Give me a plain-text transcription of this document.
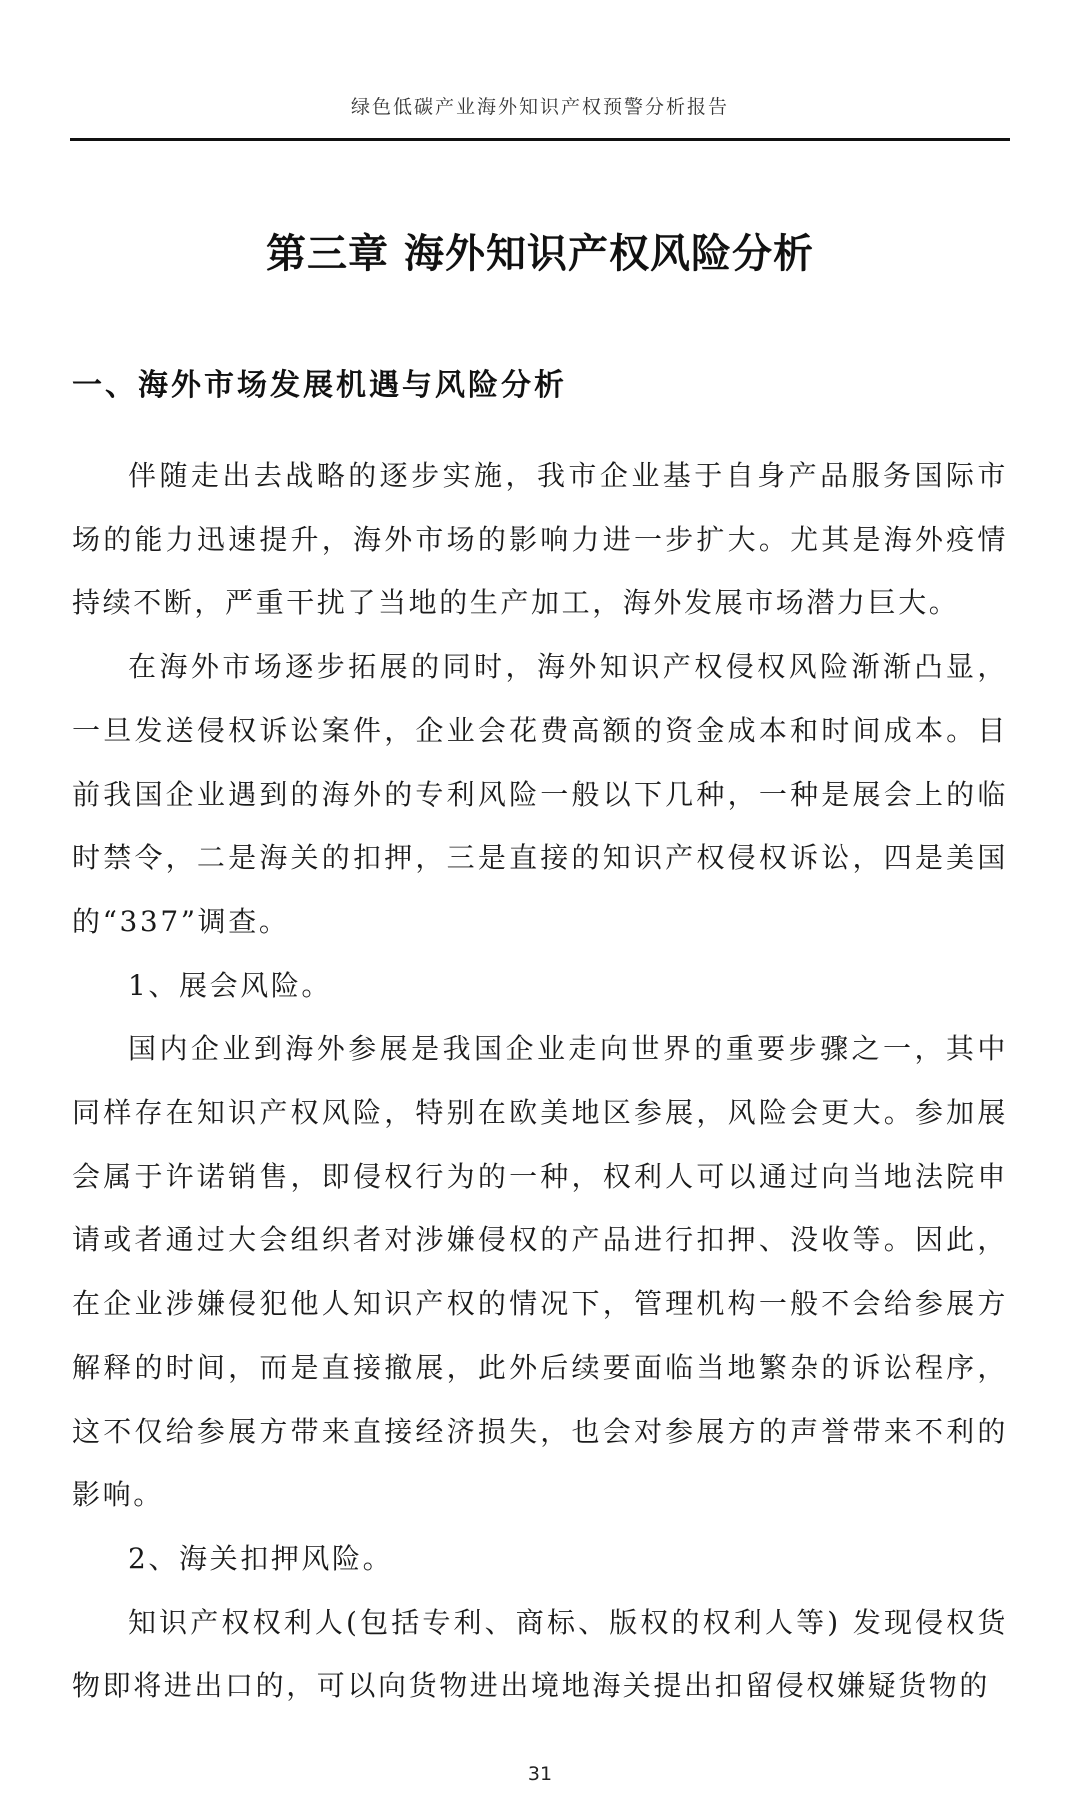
绿色低碳产业海外知识产权预警分析报告
第三章 海外知识产权风险分析
一、海外市场发展机遇与风险分析

伴随走出去战略的逐步实施，我市企业基于自身产品服务国际市场的能力迅速提升，海外市场的影响力进一步扩大。尤其是海外疫情持续不断，严重干扰了当地的生产加工，海外发展市场潜力巨大。

在海外市场逐步拓展的同时，海外知识产权侵权风险渐渐凸显，一旦发送侵权诉讼案件，企业会花费高额的资金成本和时间成本。目前我国企业遇到的海外的专利风险一般以下几种，一种是展会上的临时禁令，二是海关的扣押，三是直接的知识产权侵权诉讼，四是美国的“337”调查。

1、展会风险。

国内企业到海外参展是我国企业走向世界的重要步骤之一，其中同样存在知识产权风险，特别在欧美地区参展，风险会更大。参加展会属于许诺销售，即侵权行为的一种，权利人可以通过向当地法院申请或者通过大会组织者对涉嫌侵权的产品进行扣押、没收等。因此，在企业涉嫌侵犯他人知识产权的情况下，管理机构一般不会给参展方解释的时间，而是直接撤展，此外后续要面临当地繁杂的诉讼程序，这不仅给参展方带来直接经济损失，也会对参展方的声誉带来不利的影响。

2、海关扣押风险。

知识产权权利人(包括专利、商标、版权的权利人等) 发现侵权货物即将进出口的，可以向货物进出境地海关提出扣留侵权嫌疑货物的

31
